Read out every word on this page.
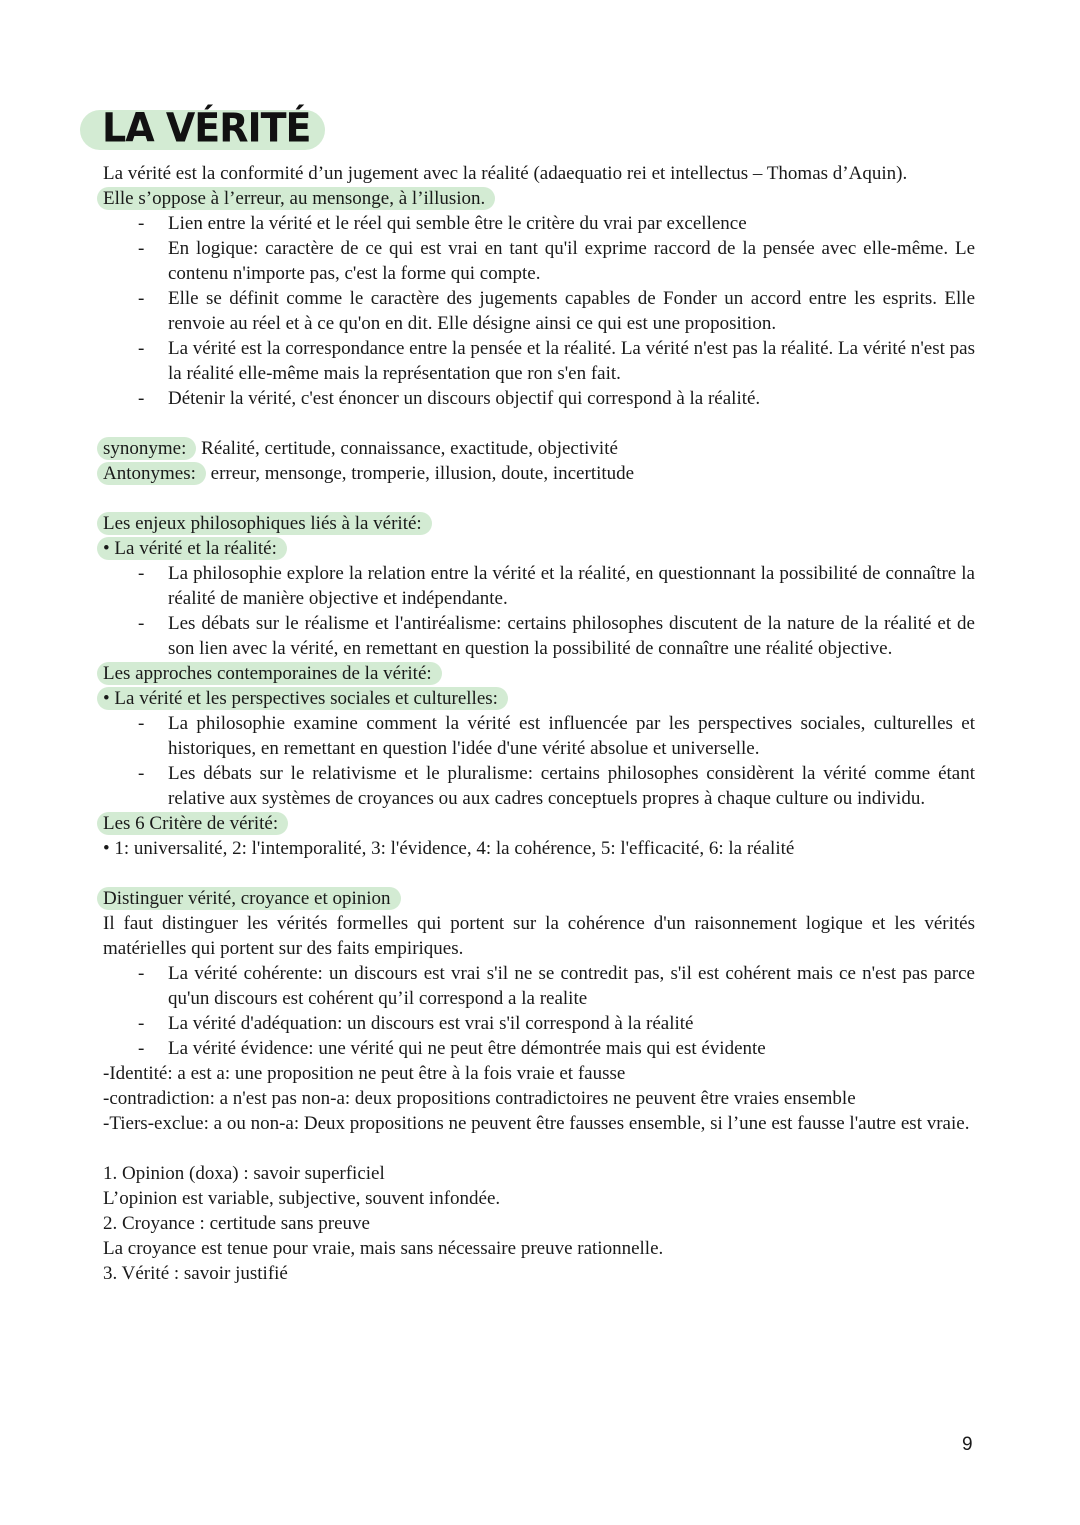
LA VÉRITÉ
La vérité est la conformité d’un jugement avec la réalité (adaequatio rei et intellectus – Thomas d’Aquin).
Elle s’oppose à l’erreur, au mensonge, à l’illusion.
- Lien entre la vérité et le réel qui semble être le critère du vrai par excellence
- En logique: caractère de ce qui est vrai en tant qu'il exprime raccord de la pensée avec elle-même. Le contenu n'importe pas, c'est la forme qui compte.
- Elle se définit comme le caractère des jugements capables de Fonder un accord entre les esprits. Elle renvoie au réel et à ce qu'on en dit. Elle désigne ainsi ce qui est une proposition.
- La vérité est la correspondance entre la pensée et la réalité. La vérité n'est pas la réalité. La vérité n'est pas la réalité elle-même mais la représentation que ron s'en fait.
- Détenir la vérité, c'est énoncer un discours objectif qui correspond à la réalité.
synonyme: Réalité, certitude, connaissance, exactitude, objectivité
Antonymes: erreur, mensonge, tromperie, illusion, doute, incertitude
Les enjeux philosophiques liés à la vérité:
• La vérité et la réalité:
- La philosophie explore la relation entre la vérité et la réalité, en questionnant la possibilité de connaître la réalité de manière objective et indépendante.
- Les débats sur le réalisme et l'antiréalisme: certains philosophes discutent de la nature de la réalité et de son lien avec la vérité, en remettant en question la possibilité de connaître une réalité objective.
Les approches contemporaines de la vérité:
• La vérité et les perspectives sociales et culturelles:
- La philosophie examine comment la vérité est influencée par les perspectives sociales, culturelles et historiques, en remettant en question l'idée d'une vérité absolue et universelle.
- Les débats sur le relativisme et le pluralisme: certains philosophes considèrent la vérité comme étant relative aux systèmes de croyances ou aux cadres conceptuels propres à chaque culture ou individu.
Les 6 Critère de vérité:
• 1: universalité, 2: l'intemporalité, 3: l'évidence, 4: la cohérence, 5: l'efficacité, 6: la réalité
Distinguer vérité, croyance et opinion
Il faut distinguer les vérités formelles qui portent sur la cohérence d'un raisonnement logique et les vérités matérielles qui portent sur des faits empiriques.
- La vérité cohérente: un discours est vrai s'il ne se contredit pas, s'il est cohérent mais ce n'est pas parce qu'un discours est cohérent qu’il correspond a la realite
- La vérité d'adéquation: un discours est vrai s'il correspond à la réalité
- La vérité évidence: une vérité qui ne peut être démontrée mais qui est évidente
-Identité: a est a: une proposition ne peut être à la fois vraie et fausse
-contradiction: a n'est pas non-a: deux propositions contradictoires ne peuvent être vraies ensemble
-Tiers-exclue: a ou non-a: Deux propositions ne peuvent être fausses ensemble, si l’une est fausse l'autre est vraie.
1. Opinion (doxa) : savoir superficiel
L’opinion est variable, subjective, souvent infondée.
2. Croyance : certitude sans preuve
La croyance est tenue pour vraie, mais sans nécessaire preuve rationnelle.
3. Vérité : savoir justifié
9
